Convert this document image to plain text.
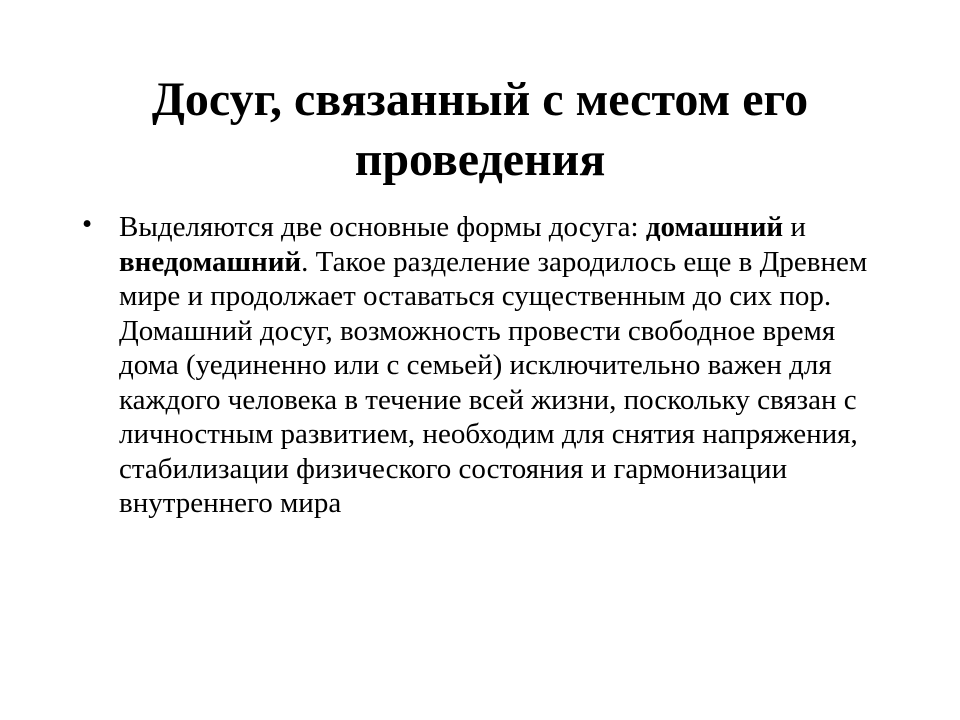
Досуг, связанный с местом его
проведения
• Выделяются две основные формы досуга: домашний и внедомашний. Такое разделение зародилось еще в Древнем мире и продолжает оставаться существенным до сих пор. Домашний досуг, возможность провести свободное время дома (уединенно или с семьей) исключительно важен для каждого человека в течение всей жизни, поскольку связан с личностным развитием, необходим для снятия напряжения, стабилизации физического состояния и гармонизации внутреннего мира
